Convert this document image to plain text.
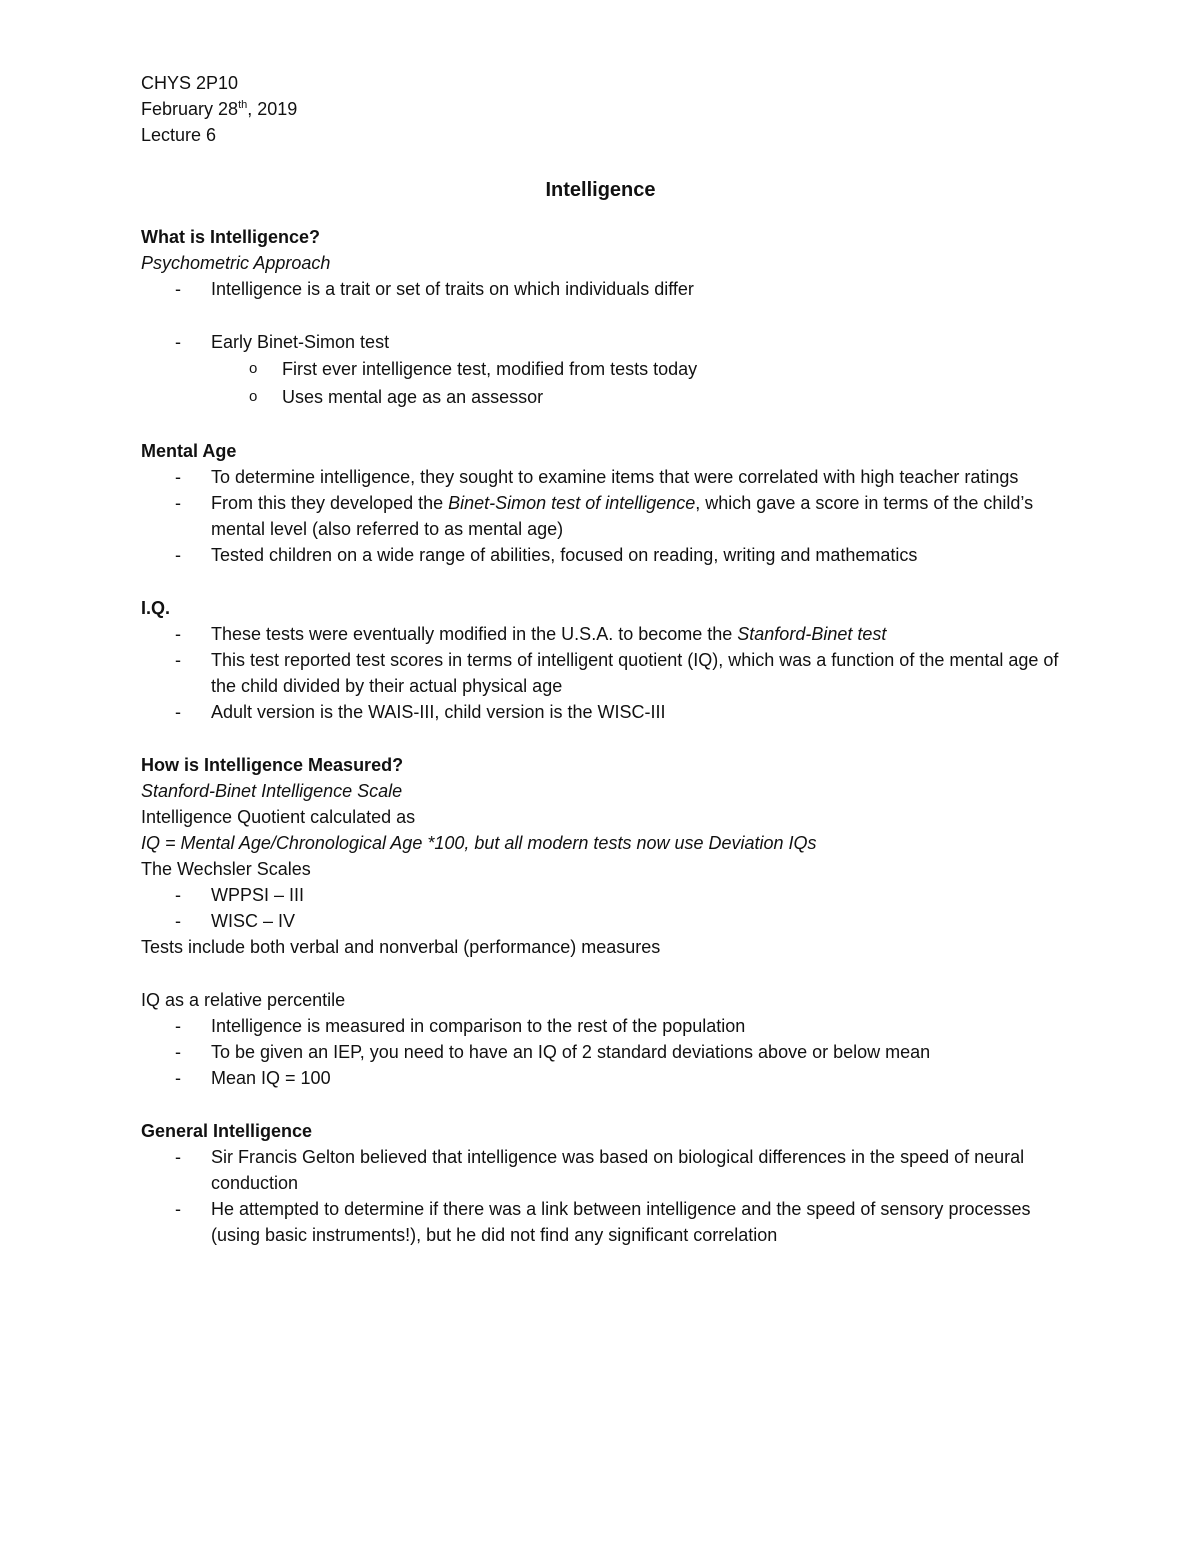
CHYS 2P10

February 28th, 2019

Lecture 6

Intelligence

What is Intelligence?

Psychometric Approach

- Intelligence is a trait or set of traits on which individuals differ

- Early Binet-Simon test

o First ever intelligence test, modified from tests today

o Uses mental age as an assessor

Mental Age

- To determine intelligence, they sought to examine items that were correlated with high teacher ratings

- From this they developed the Binet-Simon test of intelligence, which gave a score in terms of the child’s mental level (also referred to as mental age)

- Tested children on a wide range of abilities, focused on reading, writing and mathematics

I.Q.

- These tests were eventually modified in the U.S.A. to become the Stanford-Binet test

- This test reported test scores in terms of intelligent quotient (IQ), which was a function of the mental age of the child divided by their actual physical age

- Adult version is the WAIS-III, child version is the WISC-III

How is Intelligence Measured?

Stanford-Binet Intelligence Scale

Intelligence Quotient calculated as

IQ = Mental Age/Chronological Age *100, but all modern tests now use Deviation IQs

The Wechsler Scales

- WPPSI – III

- WISC – IV

Tests include both verbal and nonverbal (performance) measures

IQ as a relative percentile

- Intelligence is measured in comparison to the rest of the population

- To be given an IEP, you need to have an IQ of 2 standard deviations above or below mean

- Mean IQ = 100

General Intelligence

- Sir Francis Gelton believed that intelligence was based on biological differences in the speed of neural conduction

- He attempted to determine if there was a link between intelligence and the speed of sensory processes (using basic instruments!), but he did not find any significant correlation
